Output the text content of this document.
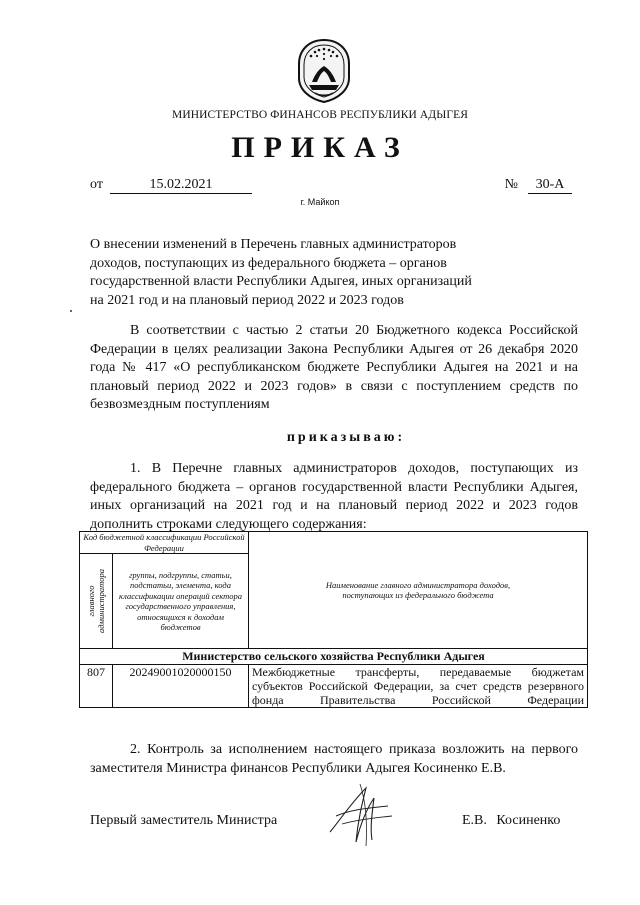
МИНИСТЕРСТВО ФИНАНСОВ РЕСПУБЛИКИ АДЫГЕЯ
ПРИКАЗ
от	15.02.2021	№	30-А
г. Майкоп
О внесении изменений в Перечень главных администраторов
доходов, поступающих из федерального бюджета – органов
государственной власти Республики Адыгея, иных организаций
на 2021 год и на плановый период 2022 и 2023 годов
В соответствии с частью 2 статьи 20 Бюджетного кодекса Российской Федерации в целях реализации Закона Республики Адыгея от 26 декабря 2020 года № 417 «О республиканском бюджете Республики Адыгея на 2021 и на плановый период 2022 и 2023 годов» в связи с поступлением средств по безвозмездным поступлениям
приказываю:
1. В Перечне главных администраторов доходов, поступающих из федерального бюджета – органов государственной власти Республики Адыгея, иных организаций на 2021 год и на плановый период 2022 и 2023 годов дополнить строками следующего содержания:
Код бюджетной классификации Российской Федерации		Наименование главного администратора доходов, поступающих из федерального бюджета

главного администратора	группы, подгруппы, статьи, подстатьи, элемента, кода классификации операций сектора государственного управления, относящихся к доходам бюджетов	
Министерство сельского хозяйства Республики Адыгея		
807	20249001020000150	Межбюджетные трансферты, передаваемые бюджетам субъектов Российской Федерации, за счет средств резервного фонда Правительства Российской Федерации
2. Контроль за исполнением настоящего приказа возложить на первого заместителя Министра финансов Республики Адыгея Косиненко Е.В.
Первый заместитель Министра	Е.В. Косиненко
